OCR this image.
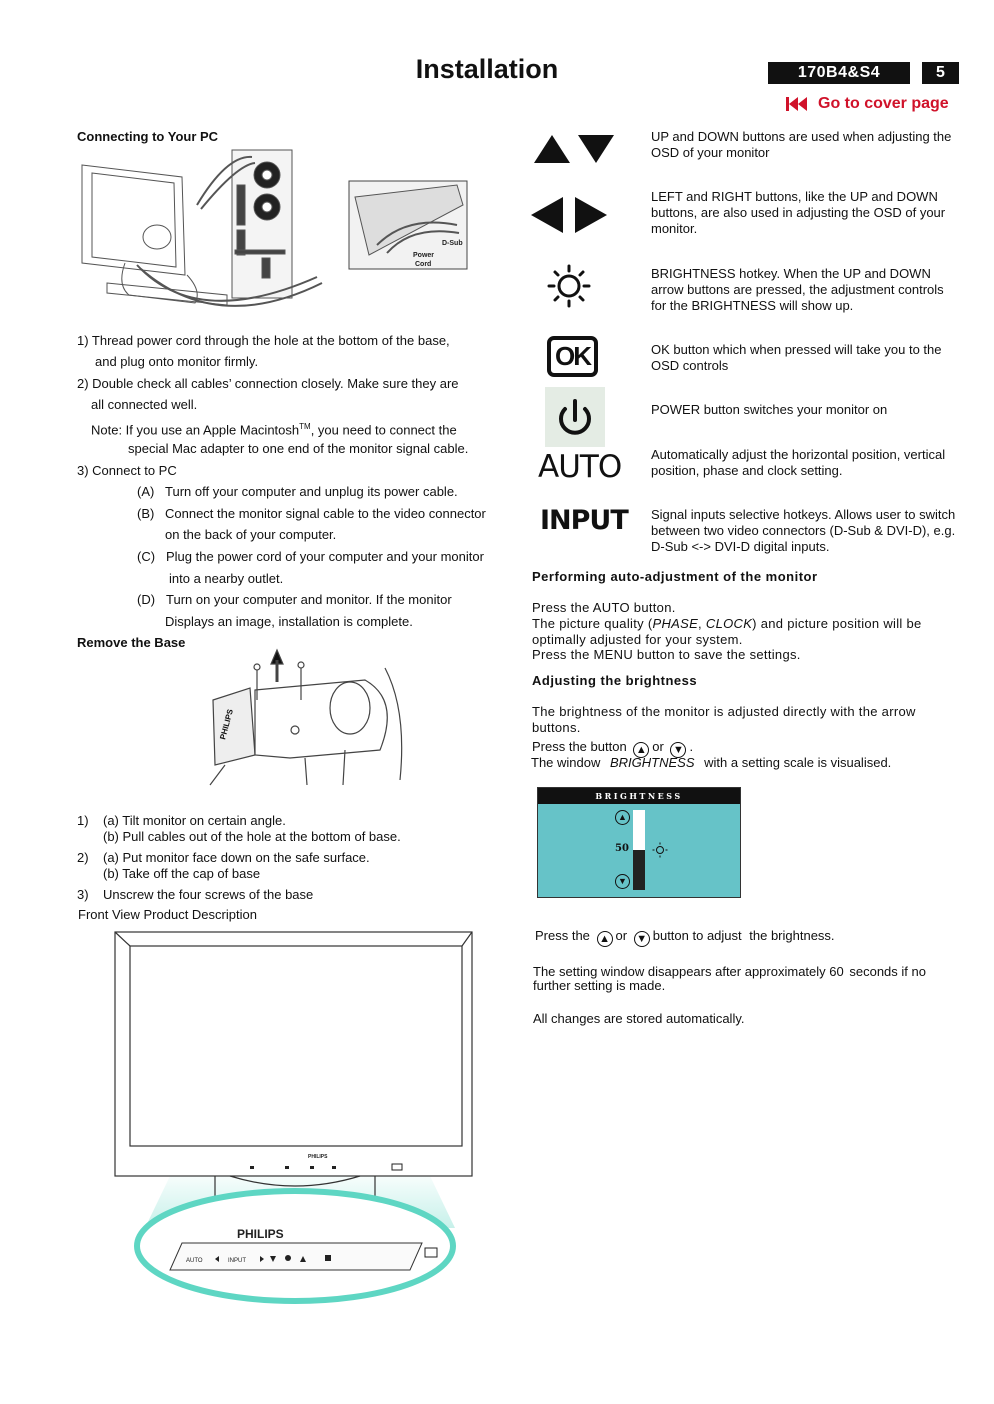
Installation	170B4&S4	5
Go to cover page
Connecting to Your PC
D-Sub
Power
Cord
1) Thread power cord through the hole at the bottom of the base,
and plug onto monitor firmly.
2) Double check all cables’ connection closely. Make sure they are
all connected well.
Note: If you use an Apple Macintosh™, you need to connect the
special Mac adapter to one end of the monitor signal cable.
3) Connect to PC
(A) Turn off your computer and unplug its power cable.
(B) Connect the monitor signal cable to the video connector
on the back of your computer.
(C) Plug the power cord of your computer and your monitor
into a nearby outlet.
(D) Turn on your computer and monitor. If the monitor
Displays an image, installation is complete.
Remove the Base
PHILIPS
1) (a) Tilt monitor on certain angle.
(b) Pull cables out of the hole at the bottom of base.
2) (a) Put monitor face down on the safe surface.
(b) Take off the cap of base
3) Unscrew the four screws of the base
Front View Product Description
PHILIPS
PHILIPS
AUTO	INPUT
UP and DOWN buttons are used when adjusting the OSD of your monitor
LEFT and RIGHT buttons, like the UP and DOWN buttons, are also used in adjusting the OSD of your monitor.
BRIGHTNESS hotkey. When the UP and DOWN arrow buttons are pressed, the adjustment controls for the BRIGHTNESS will show up.
OK	OK button which when pressed will take you to the OSD controls
POWER button switches your monitor on
AUTO Automatically adjust the horizontal position, vertical position, phase and clock setting.
INPUT Signal inputs selective hotkeys. Allows user to switch between two video connectors (D-Sub & DVI-D), e.g. D-Sub <-> DVI-D digital inputs.
Performing auto-adjustment of the monitor
Press the AUTO button.
The picture quality (PHASE, CLOCK) and picture position will be
optimally adjusted for your system.
Press the MENU button to save the settings.
Adjusting the brightness
The brightness of the monitor is adjusted directly with the arrow
buttons.
Press the button ▲ or ▼ .
The window BRIGHTNESS with a setting scale is visualised.
BRIGHTNESS
▲
▼
50
Press the ▲ or ▼ button to adjust the brightness.
The setting window disappears after approximately 60 seconds if no
further setting is made.
All changes are stored automatically.
